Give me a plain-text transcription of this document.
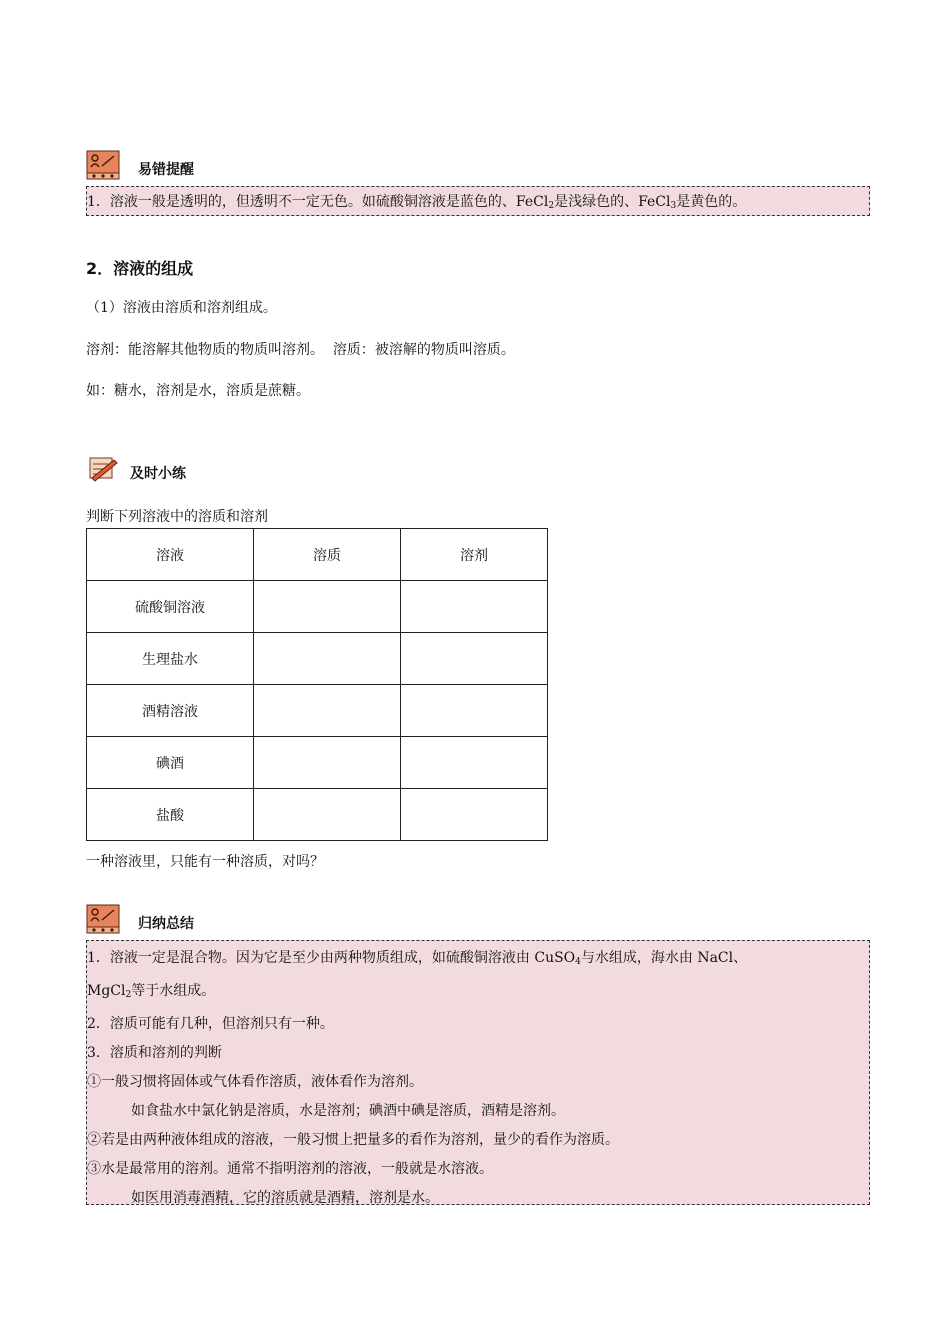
易错提醒

1．溶液一般是透明的，但透明不一定无色。如硫酸铜溶液是蓝色的、FeCl$_2$是浅绿色的、FeCl$_3$是黄色的。

2．溶液的组成
（1）溶液由溶质和溶剂组成。
溶剂：能溶解其他物质的物质叫溶剂。  溶质：被溶解的物质叫溶质。
如：糖水，溶剂是水，溶质是蔗糖。
及时小练
判断下列溶液中的溶质和溶剂
溶液	溶质	溶剂
硫酸铜溶液		
生理盐水		
酒精溶液		
碘酒		
盐酸		
一种溶液里，只能有一种溶质，对吗？
归纳总结

1．溶液一定是混合物。因为它是至少由两种物质组成，如硫酸铜溶液由 CuSO$_4$与水组成，海水由 NaCl、

MgCl$_2$等于水组成。

2．溶质可能有几种，但溶剂只有一种。

3．溶质和溶剂的判断

①一般习惯将固体或气体看作溶质，液体看作为溶剂。

如食盐水中氯化钠是溶质，水是溶剂；碘酒中碘是溶质，酒精是溶剂。

②若是由两种液体组成的溶液，一般习惯上把量多的看作为溶剂，量少的看作为溶质。

③水是最常用的溶剂。通常不指明溶剂的溶液，一般就是水溶液。

如医用消毒酒精，它的溶质就是酒精，溶剂是水。
